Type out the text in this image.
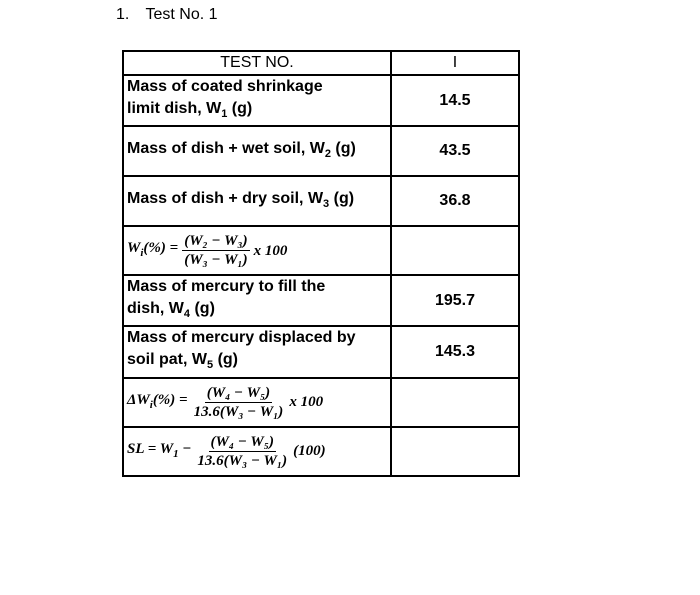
1. Test No. 1
TEST NO.	I

Mass of coated shrinkage
limit dish, $W_1$ (g)	14.5
Mass of dish + wet soil, $W_2$ (g)	43.5
Mass of dish + dry soil, $W_3$ (g)	36.8

$W_i(\%) = \frac{\text{(W₂ − W₃)}}{\text{(W₃ − W₁)}}$ x 100	

Mass of mercury to fill the
dish, $W_4$ (g)	195.7

Mass of mercury displaced by
soil pat, $W_5$ (g)	145.3

$\Delta W_i(\%) = \frac{\text{(W₄ − W₅)}}{\text{13.6(W₃ − W₁)}}$ x 100	

SL = $W_1 - \frac{\text{(W₄ − W₅)}}{\text{13.6(W₃ − W₁)}} (100)$	
